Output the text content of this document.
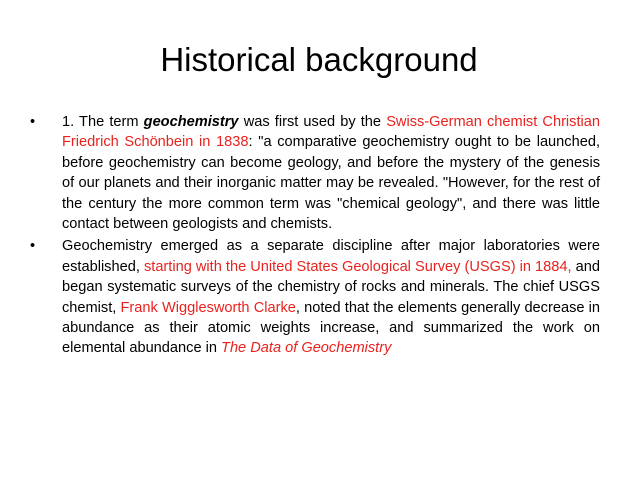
Historical background
• 1. The term geochemistry was first used by the Swiss-German chemist Christian Friedrich Schönbein in 1838: "a comparative geochemistry ought to be launched, before geochemistry can become geology, and before the mystery of the genesis of our planets and their inorganic matter may be revealed. "However, for the rest of the century the more common term was "chemical geology", and there was little contact between geologists and chemists.
• Geochemistry emerged as a separate discipline after major laboratories were established, starting with the United States Geological Survey (USGS) in 1884, and began systematic surveys of the chemistry of rocks and minerals. The chief USGS chemist, Frank Wigglesworth Clarke, noted that the elements generally decrease in abundance as their atomic weights increase, and summarized the work on elemental abundance in The Data of Geochemistry
